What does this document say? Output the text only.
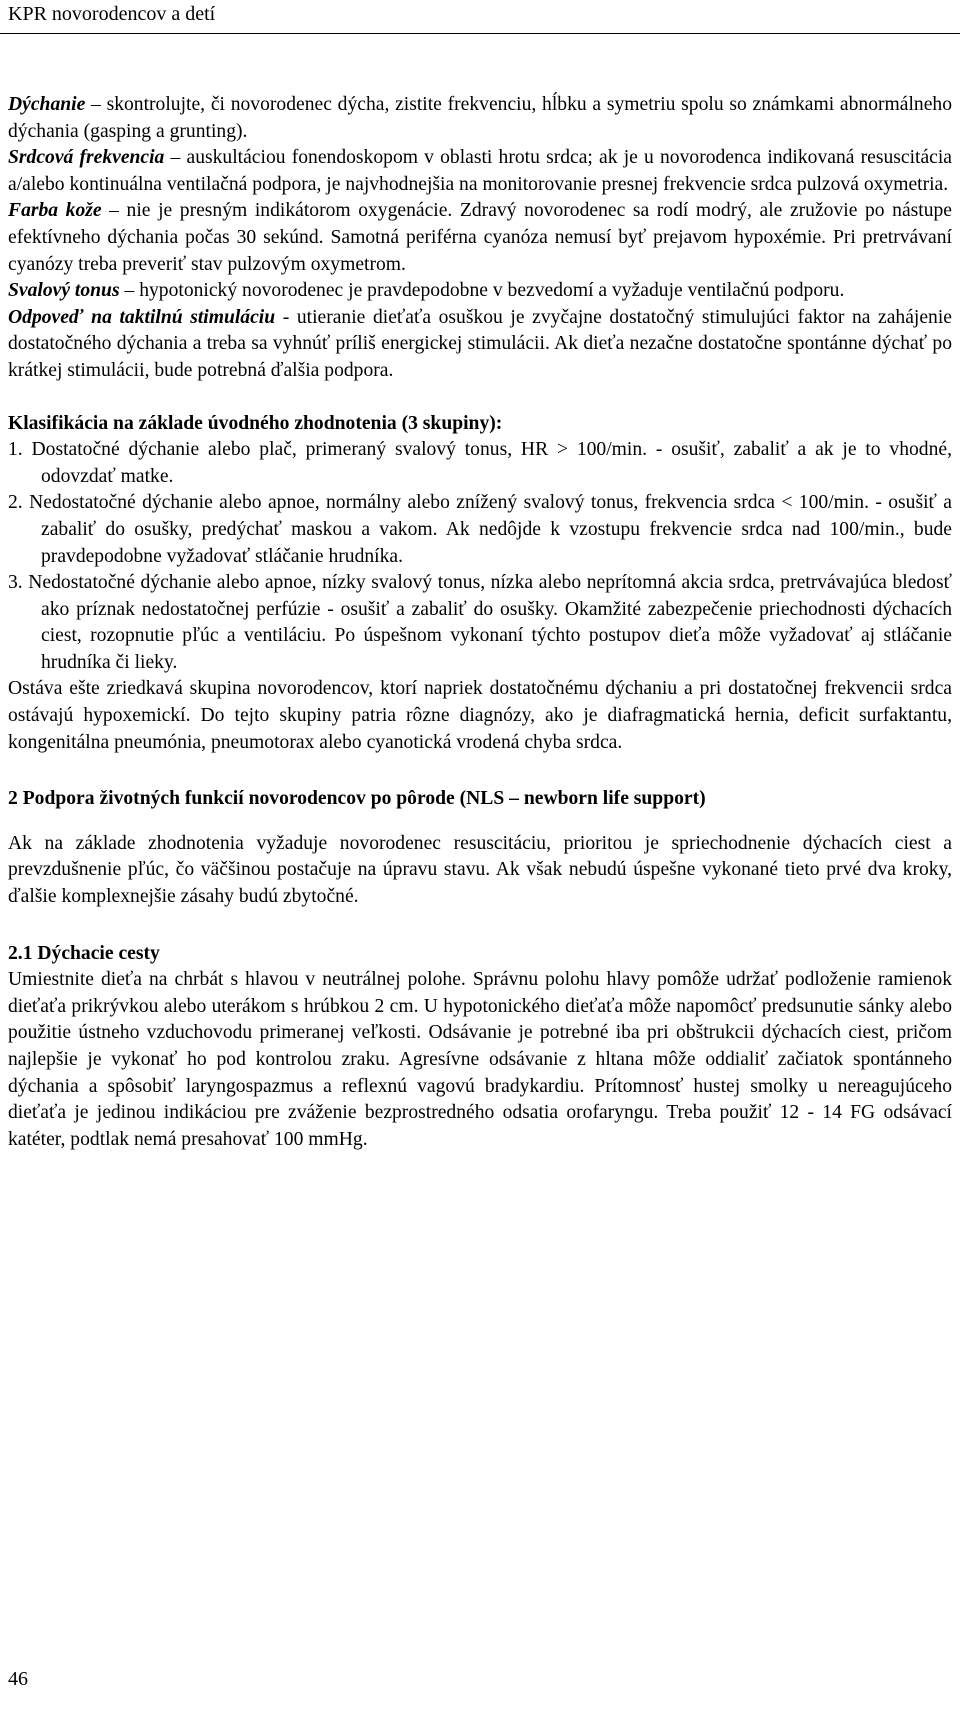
KPR novorodencov a detí

Dýchanie – skontrolujte, či novorodenec dýcha, zistite frekvenciu, hĺbku a symetriu spolu so známkami abnormálneho dýchania (gasping a grunting).

Srdcová frekvencia – auskultáciou fonendoskopom v oblasti hrotu srdca; ak je u novorodenca indikovaná resuscitácia a/alebo kontinuálna ventilačná podpora, je najvhodnejšia na monitorovanie presnej frekvencie srdca pulzová oxymetria.

Farba kože – nie je presným indikátorom oxygenácie. Zdravý novorodenec sa rodí modrý, ale zružovie po nástupe efektívneho dýchania počas 30 sekúnd. Samotná periférna cyanóza nemusí byť prejavom hypoxémie. Pri pretrvávaní cyanózy treba preveriť stav pulzovým oxymetrom.

Svalový tonus – hypotonický novorodenec je pravdepodobne v bezvedomí a vyžaduje ventilačnú podporu.

Odpoveď na taktilnú stimuláciu - utieranie dieťaťa osuškou je zvyčajne dostatočný stimulujúci faktor na zahájenie dostatočného dýchania a treba sa vyhnúť príliš energickej stimulácii. Ak dieťa nezačne dostatočne spontánne dýchať po krátkej stimulácii, bude potrebná ďalšia podpora.

Klasifikácia na základe úvodného zhodnotenia (3 skupiny):

1. Dostatočné dýchanie alebo plač, primeraný svalový tonus, HR > 100/min. - osušiť, zabaliť a ak je to vhodné, odovzdať matke.

2. Nedostatočné dýchanie alebo apnoe, normálny alebo znížený svalový tonus, frekvencia srdca < 100/min. - osušiť a zabaliť do osušky, predýchať maskou a vakom. Ak nedôjde k vzostupu frekvencie srdca nad 100/min., bude pravdepodobne vyžadovať stláčanie hrudníka.

3. Nedostatočné dýchanie alebo apnoe, nízky svalový tonus, nízka alebo neprítomná akcia srdca, pretrvávajúca bledosť ako príznak nedostatočnej perfúzie - osušiť a zabaliť do osušky. Okamžité zabezpečenie priechodnosti dýchacích ciest, rozopnutie pľúc a ventiláciu. Po úspešnom vykonaní týchto postupov dieťa môže vyžadovať aj stláčanie hrudníka či lieky.

Ostáva ešte zriedkavá skupina novorodencov, ktorí napriek dostatočnému dýchaniu a pri dostatočnej frekvencii srdca ostávajú hypoxemickí. Do tejto skupiny patria rôzne diagnózy, ako je diafragmatická hernia, deficit surfaktantu, kongenitálna pneumónia, pneumotorax alebo cyanotická vrodená chyba srdca.

2 Podpora životných funkcií novorodencov po pôrode (NLS – newborn life support)

Ak na základe zhodnotenia vyžaduje novorodenec resuscitáciu, prioritou je spriechodnenie dýchacích ciest a prevzdušnenie pľúc, čo väčšinou postačuje na úpravu stavu. Ak však nebudú úspešne vykonané tieto prvé dva kroky, ďalšie komplexnejšie zásahy budú zbytočné.

2.1 Dýchacie cesty

Umiestnite dieťa na chrbát s hlavou v neutrálnej polohe. Správnu polohu hlavy pomôže udržať podloženie ramienok dieťaťa prikrývkou alebo uterákom s hrúbkou 2 cm. U hypotonického dieťaťa môže napomôcť predsunutie sánky alebo použitie ústneho vzduchovodu primeranej veľkosti. Odsávanie je potrebné iba pri obštrukcii dýchacích ciest, pričom najlepšie je vykonať ho pod kontrolou zraku. Agresívne odsávanie z hltana môže oddialiť začiatok spontánneho dýchania a spôsobiť laryngospazmus a reflexnú vagovú bradykardiu. Prítomnosť hustej smolky u nereagujúceho dieťaťa je jedinou indikáciou pre zváženie bezprostredného odsatia orofaryngu. Treba použiť 12 - 14 FG odsávací katéter, podtlak nemá presahovať 100 mmHg.

46
